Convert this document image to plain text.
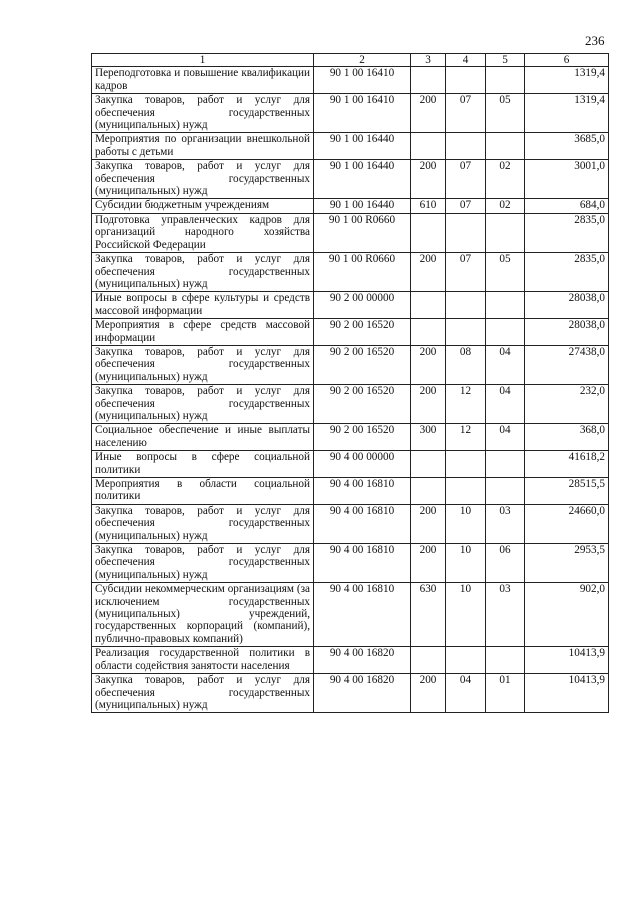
236
1	2	3	4	5	6
Переподготовка и повышение квалификации кадров	90 1 00 16410				1319,4
Закупка товаров, работ и услуг для обеспечения государственных (муниципальных) нужд	90 1 00 16410	200	07	05	1319,4
Мероприятия по организации внешкольной работы с детьми	90 1 00 16440				3685,0
Закупка товаров, работ и услуг для обеспечения государственных (муниципальных) нужд	90 1 00 16440	200	07	02	3001,0
Субсидии бюджетным учреждениям	90 1 00 16440	610	07	02	684,0
Подготовка управленческих кадров для организаций народного хозяйства Российской Федерации	90 1 00 R0660				2835,0
Закупка товаров, работ и услуг для обеспечения государственных (муниципальных) нужд	90 1 00 R0660	200	07	05	2835,0
Иные вопросы в сфере культуры и средств массовой информации	90 2 00 00000				28038,0
Мероприятия в сфере средств массовой информации	90 2 00 16520				28038,0
Закупка товаров, работ и услуг для обеспечения государственных (муниципальных) нужд	90 2 00 16520	200	08	04	27438,0
Закупка товаров, работ и услуг для обеспечения государственных (муниципальных) нужд	90 2 00 16520	200	12	04	232,0
Социальное обеспечение и иные выплаты населению	90 2 00 16520	300	12	04	368,0
Иные вопросы в сфере социальной политики	90 4 00 00000				41618,2
Мероприятия в области социальной политики	90 4 00 16810				28515,5
Закупка товаров, работ и услуг для обеспечения государственных (муниципальных) нужд	90 4 00 16810	200	10	03	24660,0
Закупка товаров, работ и услуг для обеспечения государственных (муниципальных) нужд	90 4 00 16810	200	10	06	2953,5
Субсидии некоммерческим организациям (за исключением государственных (муниципальных) учреждений, государственных корпораций (компаний), публично-правовых компаний)	90 4 00 16810	630	10	03	902,0
Реализация государственной политики в области содействия занятости населения	90 4 00 16820				10413,9
Закупка товаров, работ и услуг для обеспечения государственных (муниципальных) нужд	90 4 00 16820	200	04	01	10413,9
